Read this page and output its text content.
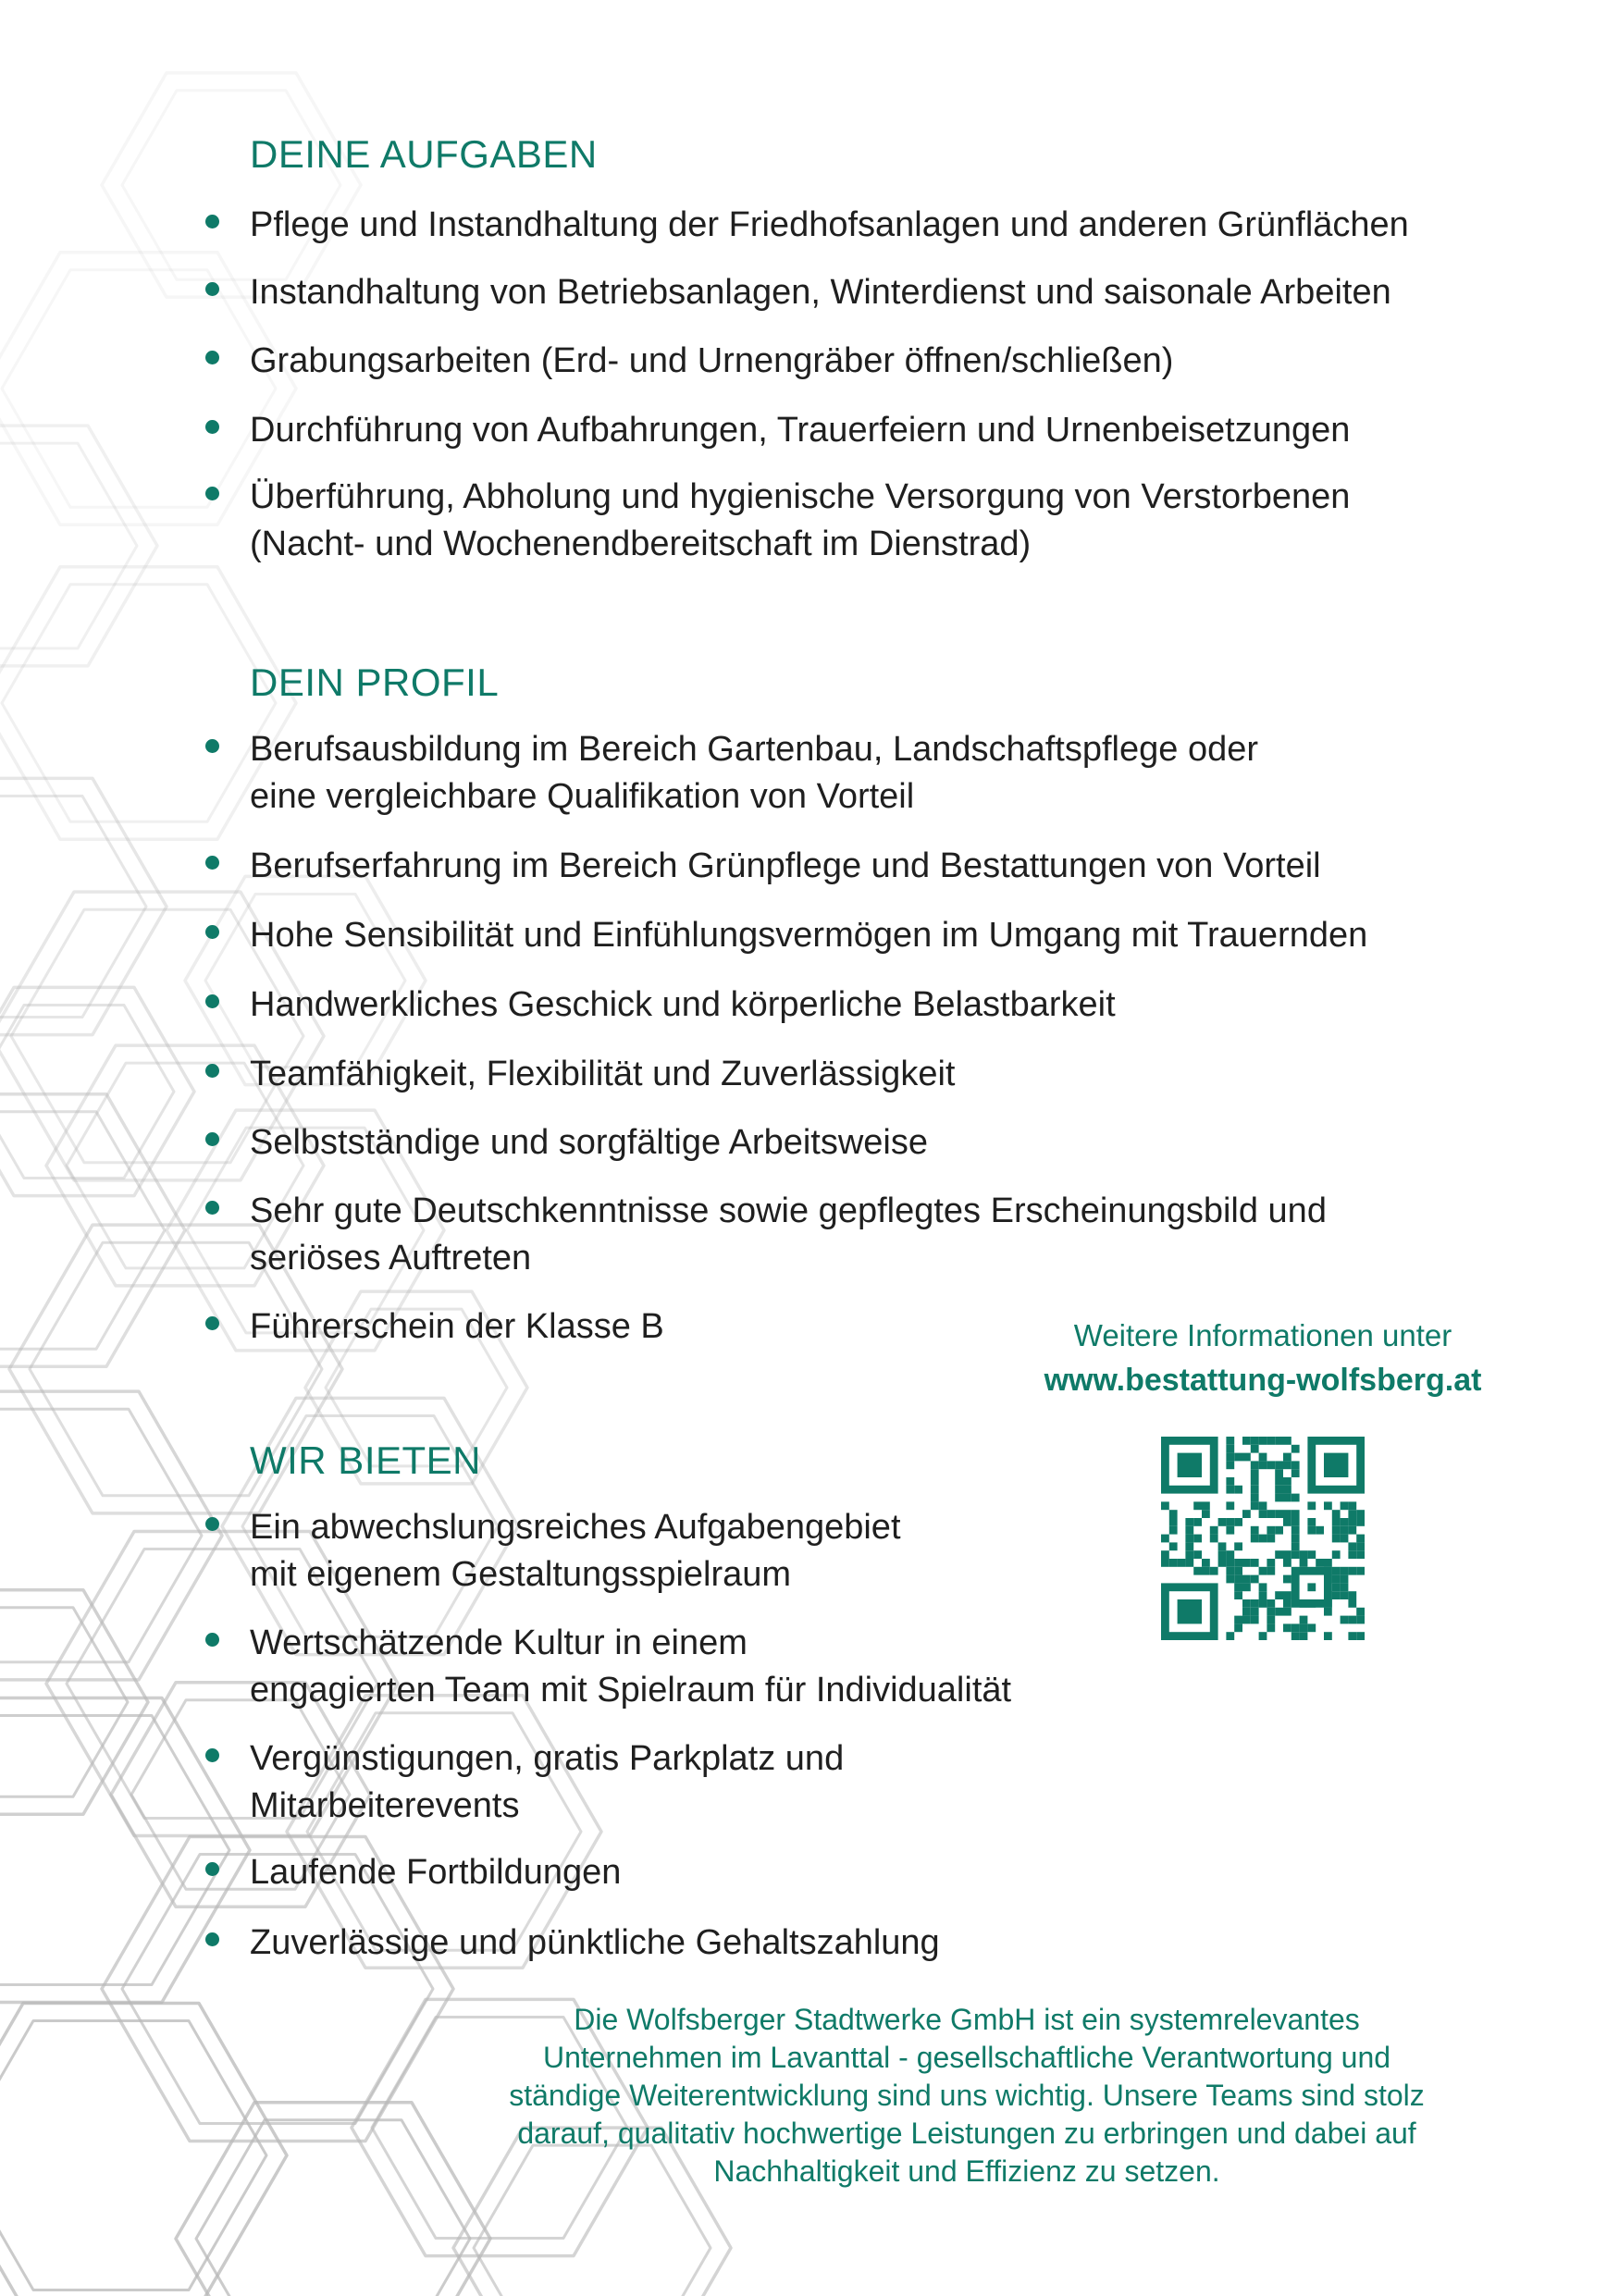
DEINE AUFGABEN
Pflege und Instandhaltung der Friedhofsanlagen und anderen Grünflächen
Instandhaltung von Betriebsanlagen, Winterdienst und saisonale Arbeiten
Grabungsarbeiten (Erd- und Urnengräber öffnen/schließen)
Durchführung von Aufbahrungen, Trauerfeiern und Urnenbeisetzungen
Überführung, Abholung und hygienische Versorgung von Verstorbenen
(Nacht- und Wochenendbereitschaft im Dienstrad)
DEIN PROFIL
Berufsausbildung im Bereich Gartenbau, Landschaftspflege oder
eine vergleichbare Qualifikation von Vorteil
Berufserfahrung im Bereich Grünpflege und Bestattungen von Vorteil
Hohe Sensibilität und Einfühlungsvermögen im Umgang mit Trauernden
Handwerkliches Geschick und körperliche Belastbarkeit
Teamfähigkeit, Flexibilität und Zuverlässigkeit
Selbstständige und sorgfältige Arbeitsweise
Sehr gute Deutschkenntnisse sowie gepflegtes Erscheinungsbild und
seriöses Auftreten
Führerschein der Klasse B
WIR BIETEN
Ein abwechslungsreiches Aufgabengebiet
mit eigenem Gestaltungsspielraum
Wertschätzende Kultur in einem
engagierten Team mit Spielraum für Individualität
Vergünstigungen, gratis Parkplatz und
Mitarbeiterevents
Laufende Fortbildungen
Zuverlässige und pünktliche Gehaltszahlung
Weitere Informationen unter
www.bestattung-wolfsberg.at
Die Wolfsberger Stadtwerke GmbH ist ein systemrelevantes
Unternehmen im Lavanttal - gesellschaftliche Verantwortung und
ständige Weiterentwicklung sind uns wichtig. Unsere Teams sind stolz
darauf, qualitativ hochwertige Leistungen zu erbringen und dabei auf
Nachhaltigkeit und Effizienz zu setzen.
